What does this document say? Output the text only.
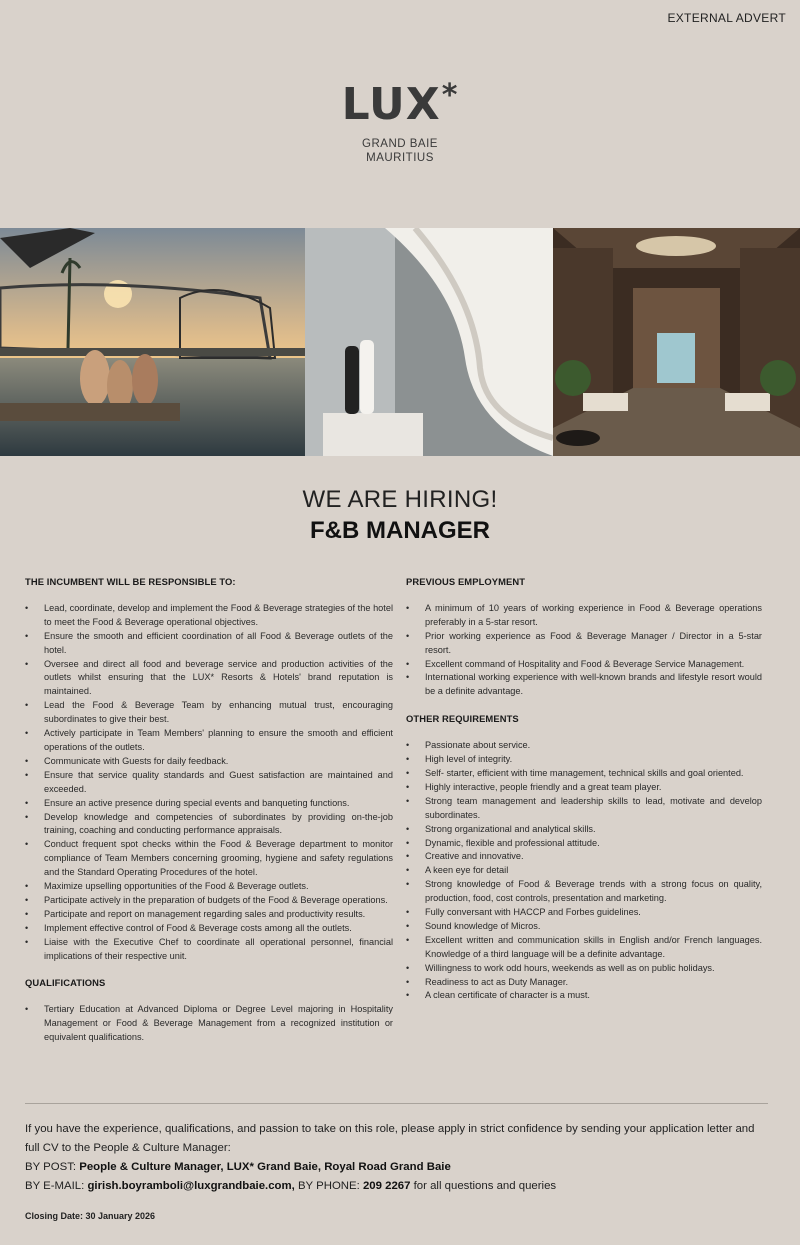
EXTERNAL ADVERT
LUX*
GRAND BAIE
MAURITIUS
WE ARE HIRING!
F&B MANAGER
THE INCUMBENT WILL BE RESPONSIBLE TO:
• Lead, coordinate, develop and implement the Food & Beverage strategies of the hotel to meet the Food & Beverage operational objectives.
• Ensure the smooth and efficient coordination of all Food & Beverage outlets of the hotel.
• Oversee and direct all food and beverage service and production activities of the outlets whilst ensuring that the LUX* Resorts & Hotels' brand reputation is maintained.
• Lead the Food & Beverage Team by enhancing mutual trust, encouraging subordinates to give their best.
• Actively participate in Team Members' planning to ensure the smooth and efficient operations of the outlets.
• Communicate with Guests for daily feedback.
• Ensure that service quality standards and Guest satisfaction are maintained and exceeded.
• Ensure an active presence during special events and banqueting functions.
• Develop knowledge and competencies of subordinates by providing on-the-job training, coaching and conducting performance appraisals.
• Conduct frequent spot checks within the Food & Beverage department to monitor compliance of Team Members concerning grooming, hygiene and safety regulations and the Standard Operating Procedures of the hotel.
• Maximize upselling opportunities of the Food & Beverage outlets.
• Participate actively in the preparation of budgets of the Food & Beverage operations.
• Participate and report on management regarding sales and productivity results.
• Implement effective control of Food & Beverage costs among all the outlets.
• Liaise with the Executive Chef to coordinate all operational personnel, financial implications of their respective unit.
QUALIFICATIONS
• Tertiary Education at Advanced Diploma or Degree Level majoring in Hospitality Management or Food & Beverage Management from a recognized institution or equivalent qualifications.
PREVIOUS EMPLOYMENT
• A minimum of 10 years of working experience in Food & Beverage operations preferably in a 5-star resort.
• Prior working experience as Food & Beverage Manager / Director in a 5-star resort.
• Excellent command of Hospitality and Food & Beverage Service Management.
• International working experience with well-known brands and lifestyle resort would be a definite advantage.
OTHER REQUIREMENTS
• Passionate about service.
• High level of integrity.
• Self- starter, efficient with time management, technical skills and goal oriented.
• Highly interactive, people friendly and a great team player.
• Strong team management and leadership skills to lead, motivate and develop subordinates.
• Strong organizational and analytical skills.
• Dynamic, flexible and professional attitude.
• Creative and innovative.
• A keen eye for detail
• Strong knowledge of Food & Beverage trends with a strong focus on quality, production, food, cost controls, presentation and marketing.
• Fully conversant with HACCP and Forbes guidelines.
• Sound knowledge of Micros.
• Excellent written and communication skills in English and/or French languages. Knowledge of a third language will be a definite advantage.
• Willingness to work odd hours, weekends as well as on public holidays.
• Readiness to act as Duty Manager.
• A clean certificate of character is a must.
If you have the experience, qualifications, and passion to take on this role, please apply in strict confidence by sending your application letter and full CV to the People & Culture Manager:
BY POST: People & Culture Manager, LUX* Grand Baie, Royal Road Grand Baie
BY E-MAIL: girish.boyramboli@luxgrandbaie.com, BY PHONE: 209 2267 for all questions and queries
Closing Date: 30 January 2026
